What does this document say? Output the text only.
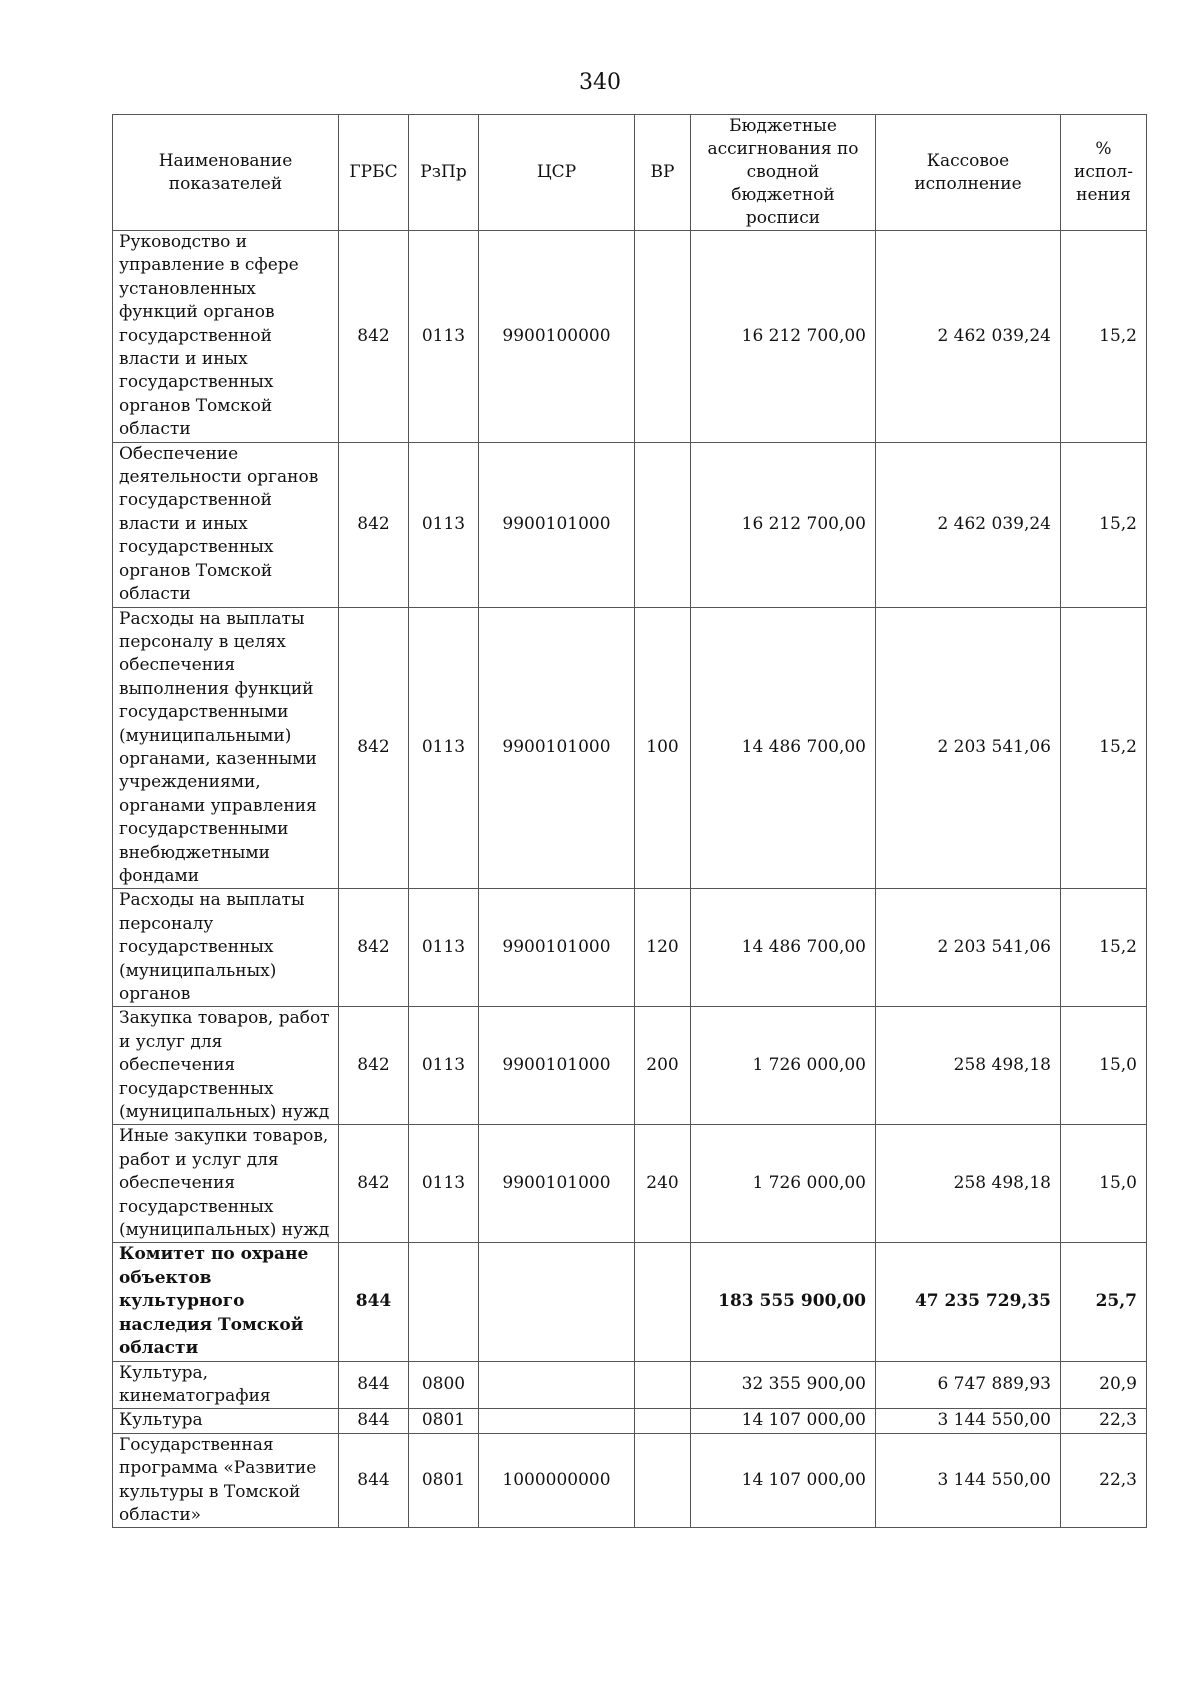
340
Наименование показателей	ГРБС	РзПр	ЦСР	ВР	Бюджетные ассигнования по сводной бюджетной росписи	Кассовое исполнение	% испол-нения
Руководство и управление в сфере установленных функций органов государственной власти и иных государственных органов Томской области	842	0113	9900100000		16 212 700,00	2 462 039,24	15,2
Обеспечение деятельности органов государственной власти и иных государственных органов Томской области	842	0113	9900101000		16 212 700,00	2 462 039,24	15,2
Расходы на выплаты персоналу в целях обеспечения выполнения функций государственными (муниципальными) органами, казенными учреждениями, органами управления государственными внебюджетными фондами	842	0113	9900101000	100	14 486 700,00	2 203 541,06	15,2
Расходы на выплаты персоналу государственных (муниципальных) органов	842	0113	9900101000	120	14 486 700,00	2 203 541,06	15,2
Закупка товаров, работ и услуг для обеспечения государственных (муниципальных) нужд	842	0113	9900101000	200	1 726 000,00	258 498,18	15,0
Иные закупки товаров, работ и услуг для обеспечения государственных (муниципальных) нужд	842	0113	9900101000	240	1 726 000,00	258 498,18	15,0
Комитет по охране объектов культурного наследия Томской области	844				183 555 900,00	47 235 729,35	25,7
Культура, кинематография	844	0800			32 355 900,00	6 747 889,93	20,9
Культура	844	0801			14 107 000,00	3 144 550,00	22,3
Государственная программа «Развитие культуры в Томской области»	844	0801	1000000000		14 107 000,00	3 144 550,00	22,3
